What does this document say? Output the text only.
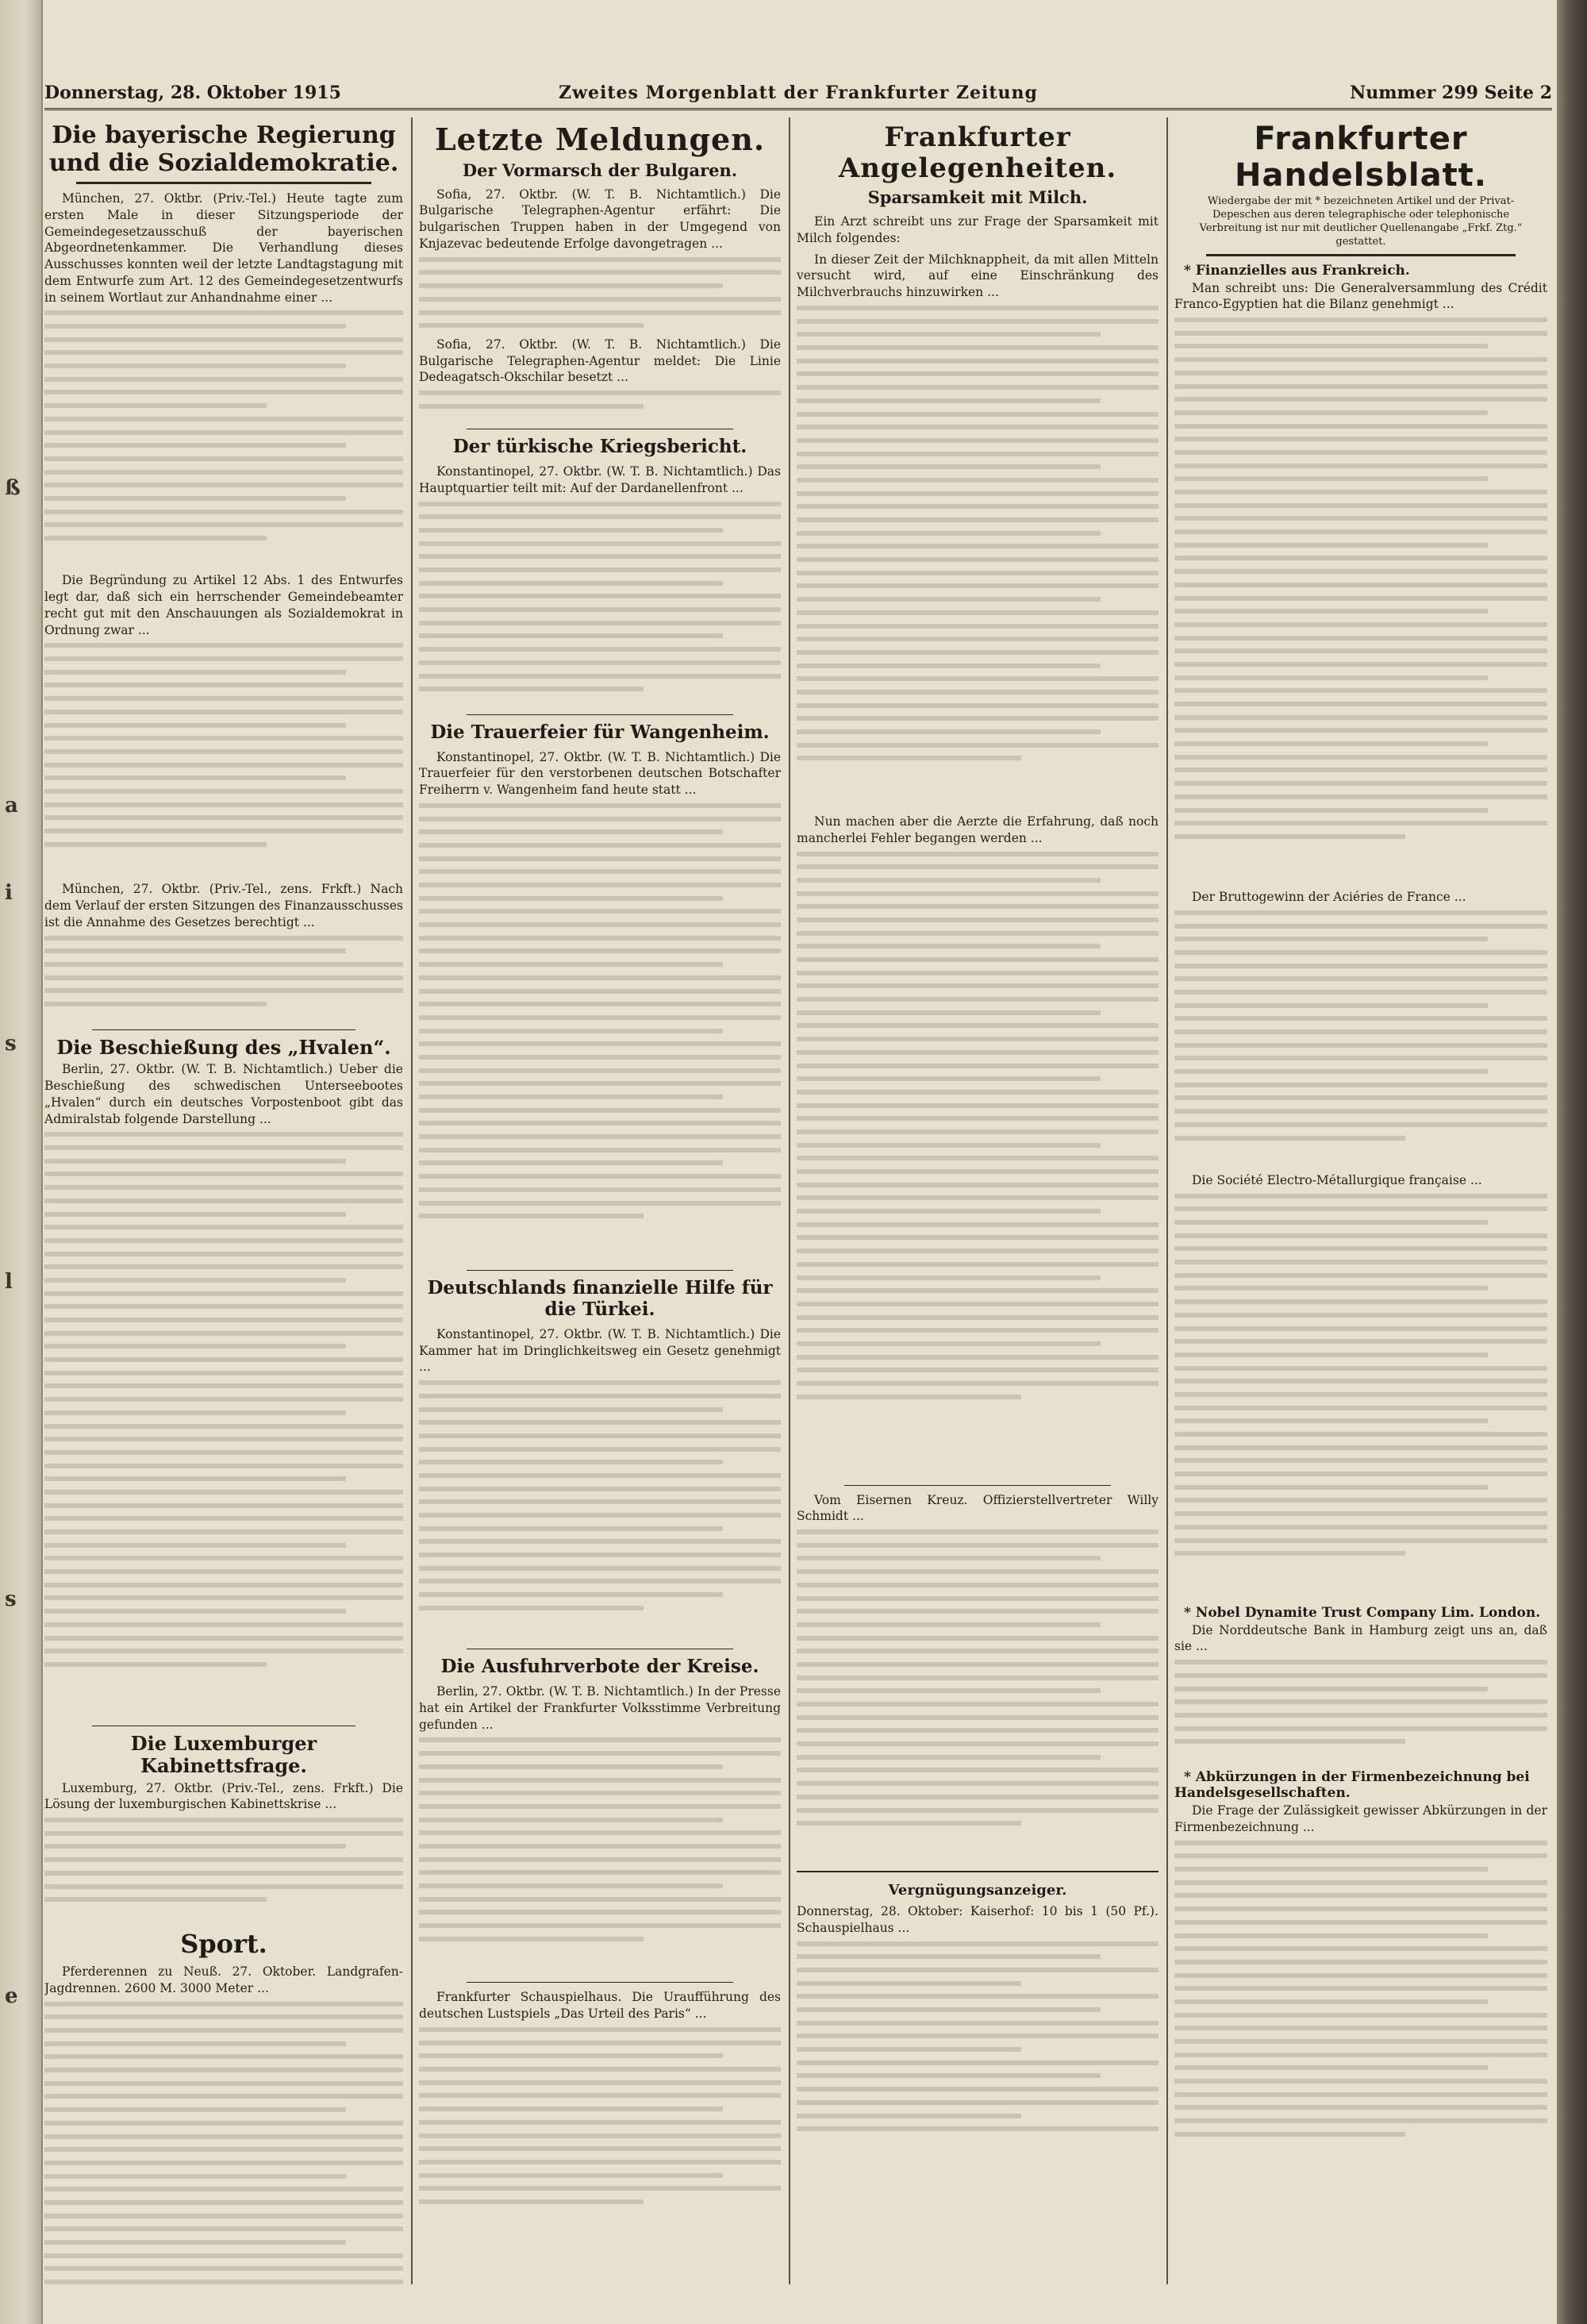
ß
a
i
s
l
s
e
Donnerstag, 28. Oktober 1915	Zweites Morgenblatt der Frankfurter Zeitung	Nummer 299 Seite 2
Die bayerische Regierung und die Sozialdemokratie.

München, 27. Oktbr. (Priv.-Tel.) Heute tagte zum ersten Male in dieser Sitzungsperiode der Gemeindegesetzausschuß der bayerischen Abgeordnetenkammer. Die Verhandlung dieses Ausschusses konnten weil der letzte Landtagstagung mit dem Entwurfe zum Art. 12 des Gemeindegesetzentwurfs in seinem Wortlaut zur Anhandnahme einer ...

Die Begründung zu Artikel 12 Abs. 1 des Entwurfes legt dar, daß sich ein herrschender Gemeindebeamter recht gut mit den Anschauungen als Sozialdemokrat in Ordnung zwar ...

München, 27. Oktbr. (Priv.-Tel., zens. Frkft.) Nach dem Verlauf der ersten Sitzungen des Finanzausschusses ist die Annahme des Gesetzes berechtigt ...

Die Beschießung des „Hvalen“.

Berlin, 27. Oktbr. (W. T. B. Nichtamtlich.) Ueber die Beschießung des schwedischen Unterseebootes „Hvalen“ durch ein deutsches Vorpostenboot gibt das Admiralstab folgende Darstellung ...

Die Luxemburger Kabinettsfrage.

Luxemburg, 27. Oktbr. (Priv.-Tel., zens. Frkft.) Die Lösung der luxemburgischen Kabinettskrise ...

Sport.

Pferderennen zu Neuß. 27. Oktober. Landgrafen-Jagdrennen. 2600 M. 3000 Meter ...

Letzte Meldungen.
Der Vormarsch der Bulgaren.

Sofia, 27. Oktbr. (W. T. B. Nichtamtlich.) Die Bulgarische Telegraphen-Agentur erfährt: Die bulgarischen Truppen haben in der Umgegend von Knjazevac bedeutende Erfolge davongetragen ...

Sofia, 27. Oktbr. (W. T. B. Nichtamtlich.) Die Bulgarische Telegraphen-Agentur meldet: Die Linie Dedeagatsch-Okschilar besetzt ...

Der türkische Kriegsbericht.

Konstantinopel, 27. Oktbr. (W. T. B. Nichtamtlich.) Das Hauptquartier teilt mit: Auf der Dardanellenfront ...

Die Trauerfeier für Wangenheim.

Konstantinopel, 27. Oktbr. (W. T. B. Nichtamtlich.) Die Trauerfeier für den verstorbenen deutschen Botschafter Freiherrn v. Wangenheim fand heute statt ...

Deutschlands finanzielle Hilfe für die Türkei.

Konstantinopel, 27. Oktbr. (W. T. B. Nichtamtlich.) Die Kammer hat im Dringlichkeitsweg ein Gesetz genehmigt ...

Die Ausfuhrverbote der Kreise.

Berlin, 27. Oktbr. (W. T. B. Nichtamtlich.) In der Presse hat ein Artikel der Frankfurter Volksstimme Verbreitung gefunden ...

Frankfurter Schauspielhaus. Die Uraufführung des deutschen Lustspiels „Das Urteil des Paris“ ...

Frankfurter Angelegenheiten.
Sparsamkeit mit Milch.

Ein Arzt schreibt uns zur Frage der Sparsamkeit mit Milch folgendes:

In dieser Zeit der Milchknappheit, da mit allen Mitteln versucht wird, auf eine Einschränkung des Milchverbrauchs hinzuwirken ...

Nun machen aber die Aerzte die Erfahrung, daß noch mancherlei Fehler begangen werden ...

Vom Eisernen Kreuz. Offizierstellvertreter Willy Schmidt ...

Vergnügungsanzeiger.

Donnerstag, 28. Oktober: Kaiserhof: 10 bis 1 (50 Pf.). Schauspielhaus ...

Frankfurter Handelsblatt.
Wiedergabe der mit * bezeichneten Artikel und der Privat-Depeschen aus deren telegraphische oder telephonische Verbreitung ist nur mit deutlicher Quellenangabe „Frkf. Ztg.“ gestattet.
* Finanzielles aus Frankreich.

Man schreibt uns: Die Generalversammlung des Crédit Franco-Egyptien hat die Bilanz genehmigt ...

Der Bruttogewinn der Aciéries de France ...

Die Société Electro-Métallurgique française ...

* Nobel Dynamite Trust Company Lim. London.

Die Norddeutsche Bank in Hamburg zeigt uns an, daß sie ...

* Abkürzungen in der Firmenbezeichnung bei Handelsgesellschaften.

Die Frage der Zulässigkeit gewisser Abkürzungen in der Firmenbezeichnung ...
